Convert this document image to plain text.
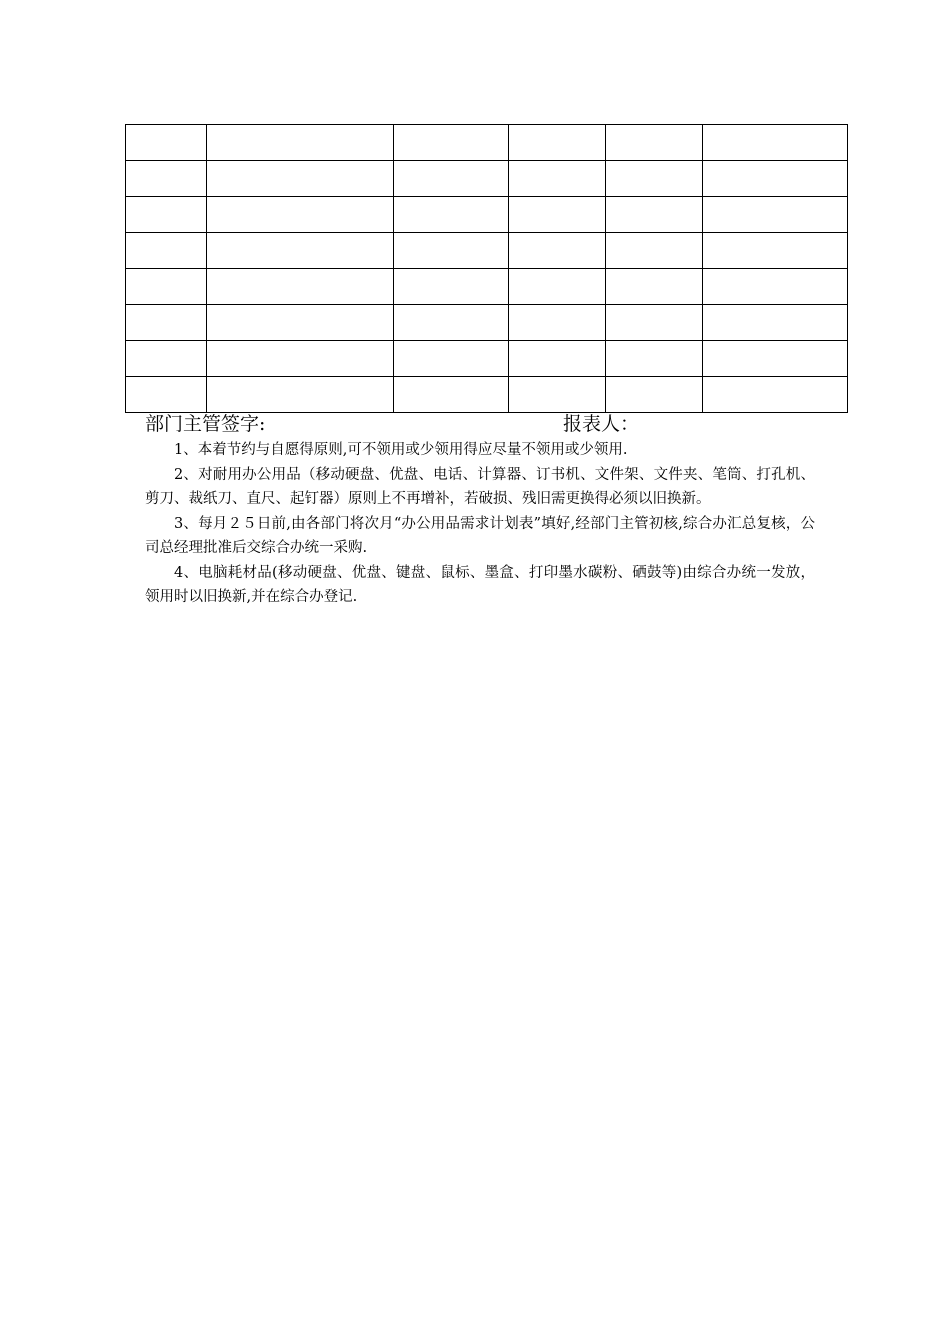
部门主管签字:	报表人：

1、本着节约与自愿得原则,可不领用或少领用得应尽量不领用或少领用.

2、对耐用办公用品（移动硬盘、优盘、电话、计算器、订书机、文件架、文件夹、笔筒、打孔机、剪刀、裁纸刀、直尺、起钉器）原则上不再增补，若破损、残旧需更换得必须以旧换新。

3、每月２５日前,由各部门将次月“办公用品需求计划表”填好,经部门主管初核,综合办汇总复核，公司总经理批准后交综合办统一采购.

4、电脑耗材品(移动硬盘、优盘、键盘、鼠标、墨盒、打印墨水碳粉、硒鼓等)由综合办统一发放，领用时以旧换新,并在综合办登记.
